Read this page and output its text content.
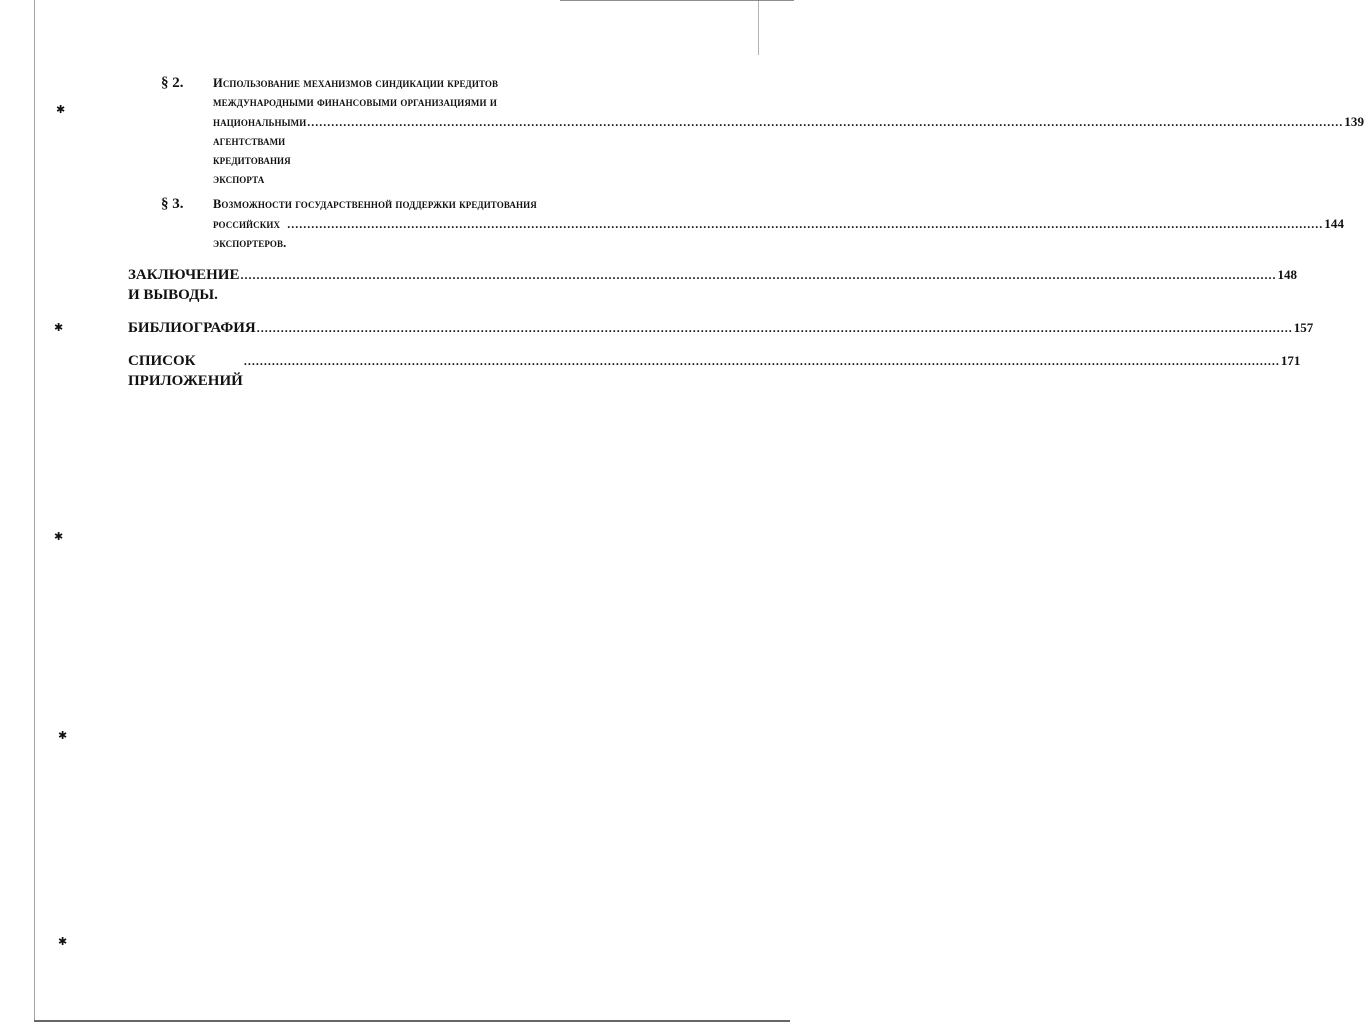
✱
✱
✱
✱
✱
§ 2.	Использование механизмов синдикации кредитов
международными финансовыми организациями и
национальными агентствами кредитования экспорта
.....
139
§ 3.	Возможности государственной поддержки кредитования
российских экспортеров.
.....
144
ЗАКЛЮЧЕНИЕ И ВЫВОДЫ.
.....
148
БИБЛИОГРАФИЯ
.....	157
СПИСОК ПРИЛОЖЕНИЙ
.....
171
